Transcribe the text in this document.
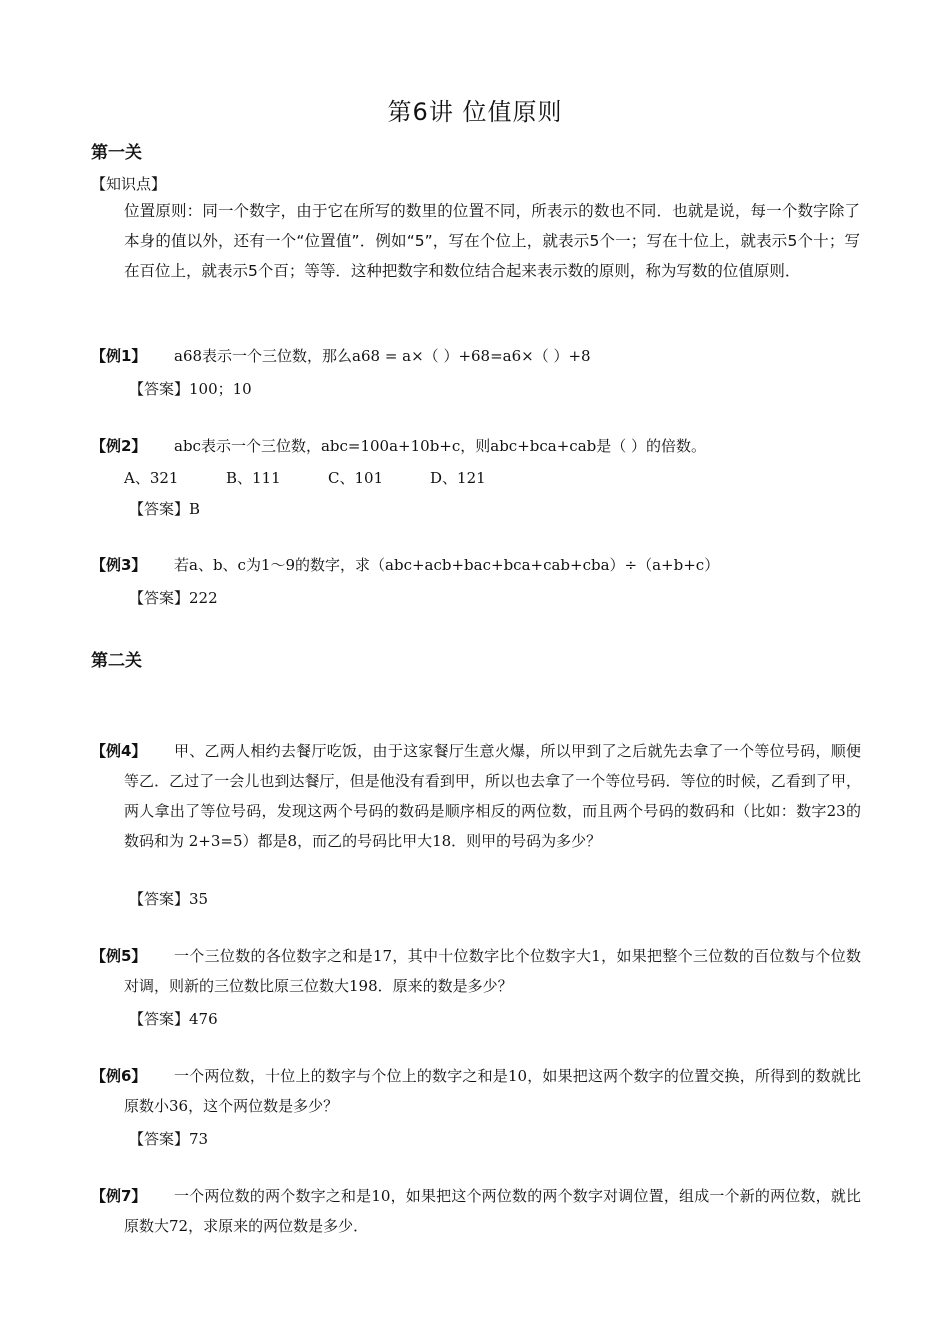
第6讲 位值原则
第一关
【知识点】
位置原则：同一个数字，由于它在所写的数里的位置不同，所表示的数也不同．也就是说，每一个数字除了本身的值以外，还有一个“位置值”．例如“5”，写在个位上，就表示5个一；写在十位上，就表示5个十；写在百位上，就表示5个百；等等．这种把数字和数位结合起来表示数的原则，称为写数的位值原则．
【例1】	a68表示一个三位数，那么a68 = a×（ ）+68=a6×（ ）+8
【答案】100；10
【例2】	abc表示一个三位数，abc=100a+10b+c，则abc+bca+cab是（ ）的倍数。
A、321	B、111	C、101	D、121
【答案】B
【例3】	若a、b、c为1～9的数字，求（abc+acb+bac+bca+cab+cba）÷（a+b+c）
【答案】222
第二关
【例4】	甲、乙两人相约去餐厅吃饭，由于这家餐厅生意火爆，所以甲到了之后就先去拿了一个等位号码，顺便等乙．乙过了一会儿也到达餐厅，但是他没有看到甲，所以也去拿了一个等位号码．等位的时候，乙看到了甲，两人拿出了等位号码，发现这两个号码的数码是顺序相反的两位数，而且两个号码的数码和（比如：数字23的数码和为 2+3=5）都是8，而乙的号码比甲大18．则甲的号码为多少？
【答案】35
【例5】	一个三位数的各位数字之和是17，其中十位数字比个位数字大1，如果把整个三位数的百位数与个位数对调，则新的三位数比原三位数大198．原来的数是多少？
【答案】476
【例6】	一个两位数，十位上的数字与个位上的数字之和是10，如果把这两个数字的位置交换，所得到的数就比原数小36，这个两位数是多少？
【答案】73
【例7】	一个两位数的两个数字之和是10，如果把这个两位数的两个数字对调位置，组成一个新的两位数，就比原数大72，求原来的两位数是多少．
